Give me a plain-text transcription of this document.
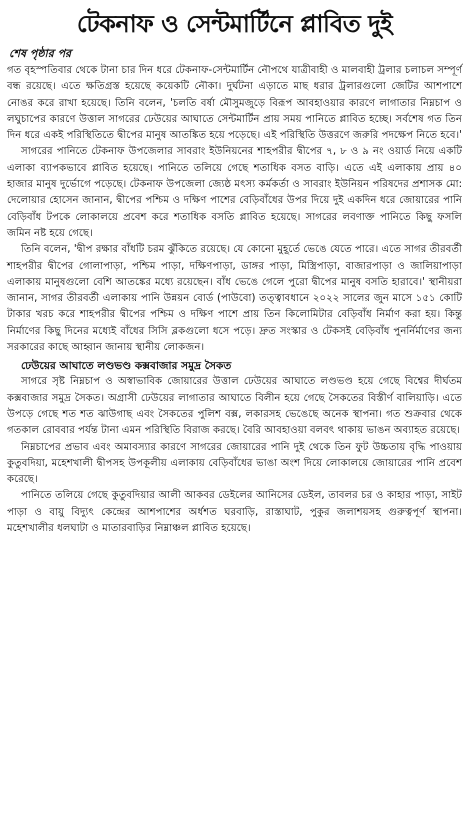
টেকনাফ ও সেন্টমার্টিনে প্লাবিত দুই
শেষ পৃষ্ঠার পর

গত বৃহস্পতিবার থেকে টানা চার দিন ধরে টেকনাফ-সেন্টমার্টিন নৌপথে যাত্রীবাহী ও মালবাহী ট্রলার চলাচল সম্পূর্ণ বন্ধ রয়েছে। এতে ক্ষতিগ্রস্ত হয়েছে কয়েকটি নৌকা। দুর্ঘটনা এড়াতে মাছ ধরার ট্রলারগুলো জেটির আশপাশে নোঙর করে রাখা হয়েছে। তিনি বলেন, 'চলতি বর্ষা মৌসুমজুড়ে বিরূপ আবহাওয়ার কারণে লাগাতার নিম্নচাপ ও লঘুচাপের কারণে উত্তাল সাগরের ঢেউয়ের আঘাতে সেন্টমার্টিন প্রায় সময় পানিতে প্লাবিত হচ্ছে। সর্বশেষ গত তিন দিন ধরে একই পরিস্থিতিতে দ্বীপের মানুষ আতঙ্কিত হয়ে পড়েছে। এই পরিস্থিতি উত্তরণে জরুরি পদক্ষেপ নিতে হবে।'

সাগরের পানিতে টেকনাফ উপজেলার সাবরাং ইউনিয়নের শাহপরীর দ্বীপের ৭, ৮ ও ৯ নং ওয়ার্ড নিয়ে একটি এলাকা ব্যাপকভাবে প্লাবিত হয়েছে। পানিতে তলিয়ে গেছে শতাধিক বসত বাড়ি। এতে এই এলাকায় প্রায় ৪০ হাজার মানুষ দুর্ভোগে পড়েছে। টেকনাফ উপজেলা জ্যেষ্ঠ মৎস্য কর্মকর্তা ও সাবরাং ইউনিয়ন পরিষদের প্রশাসক মো: দেলোয়ার হোসেন জানান, দ্বীপের পশ্চিম ও দক্ষিণ পাশের বেড়িবাঁধের উপর দিয়ে দুই একদিন ধরে জোয়ারের পানি বেড়িবাঁধ টপকে লোকালয়ে প্রবেশ করে শতাধিক বসতি প্লাবিত হয়েছে। সাগরের লবণাক্ত পানিতে কিছু ফসলি জমিন নষ্ট হয়ে গেছে।

তিনি বলেন, 'দ্বীপ রক্ষার বাঁধটি চরম ঝুঁকিতে রয়েছে। যে কোনো মুহূর্তে ভেঙে যেতে পারে। এতে সাগর তীরবর্তী শাহপরীর দ্বীপের গোলাপাড়া, পশ্চিম পাড়া, দক্ষিণপাড়া, ডাঙ্গর পাড়া, মিস্ত্রিপাড়া, বাজারপাড়া ও জালিয়াপাড়া এলাকায় মানুষগুলো বেশি আতঙ্কের মধ্যে রয়েছেন। বাঁধ ভেঙে গেলে পুরো দ্বীপের মানুষ বসতি হারাবে।' স্থানীয়রা জানান, সাগর তীরবর্তী এলাকায় পানি উন্নয়ন বোর্ড (পাউবো) তত্ত্বাবধানে ২০২২ সালের জুন মাসে ১৫১ কোটি টাকার খরচ করে শাহপরীর দ্বীপের পশ্চিম ও দক্ষিণ পাশে প্রায় তিন কিলোমিটার বেড়িবাঁধ নির্মাণ করা হয়। কিন্তু নির্মাণের কিছু দিনের মধ্যেই বাঁধের সিসি ব্লকগুলো ধসে পড়ে। দ্রুত সংস্কার ও টেকসই বেড়িবাঁধ পুনর্নির্মাণের জন্য সরকারের কাছে আহ্বান জানায় স্থানীয় লোকজন।

ঢেউয়ের আঘাতে লণ্ডভণ্ড কক্সবাজার সমুদ্র সৈকত

সাগরে সৃষ্ট নিম্নচাপ ও অস্বাভাবিক জোয়ারের উত্তাল ঢেউয়ের আঘাতে লণ্ডভণ্ড হয়ে গেছে বিশ্বের দীর্ঘতম কক্সবাজার সমুদ্র সৈকত। অগ্রাসী ঢেউয়ের লাগাতার আঘাতে বিলীন হয়ে গেছে সৈকতের বিস্তীর্ণ বালিয়াড়ি। এতে উপড়ে গেছে শত শত ঝাউগাছ এবং সৈকতের পুলিশ বক্স, লকারসহ ভেঙেছে অনেক স্থাপনা। গত শুক্রবার থেকে গতকাল রোববার পর্যন্ত টানা এমন পরিস্থিতি বিরাজ করছে। বৈরি আবহাওয়া বলবৎ থাকায় ভাঙন অব্যাহত রয়েছে।

নিম্নচাপের প্রভাব এবং অমাবস্যার কারণে সাগরের জোয়ারের পানি দুই থেকে তিন ফুট উচ্চতায় বৃদ্ধি পাওয়ায় কুতুবদিয়া, মহেশখালী দ্বীপসহ উপকূলীয় এলাকায় বেড়িবাঁধের ভাঙা অংশ দিয়ে লোকালয়ে জোয়ারের পানি প্রবেশ করেছে।

পানিতে তলিয়ে গেছে কুতুবদিয়ার আলী আকবর ডেইলের আনিসের ডেইল, তাবলর চর ও কাহার পাড়া, সাইট পাড়া ও বায়ু বিদ্যুৎ কেন্দ্রের আশপাশের অর্ধশত ঘরবাড়ি, রাস্তাঘাট, পুকুর জলাশয়সহ গুরুত্বপূর্ণ স্থাপনা। মহেশখালীর ধলঘাটা ও মাতারবাড়ির নিম্নাঞ্চল প্লাবিত হয়েছে।
